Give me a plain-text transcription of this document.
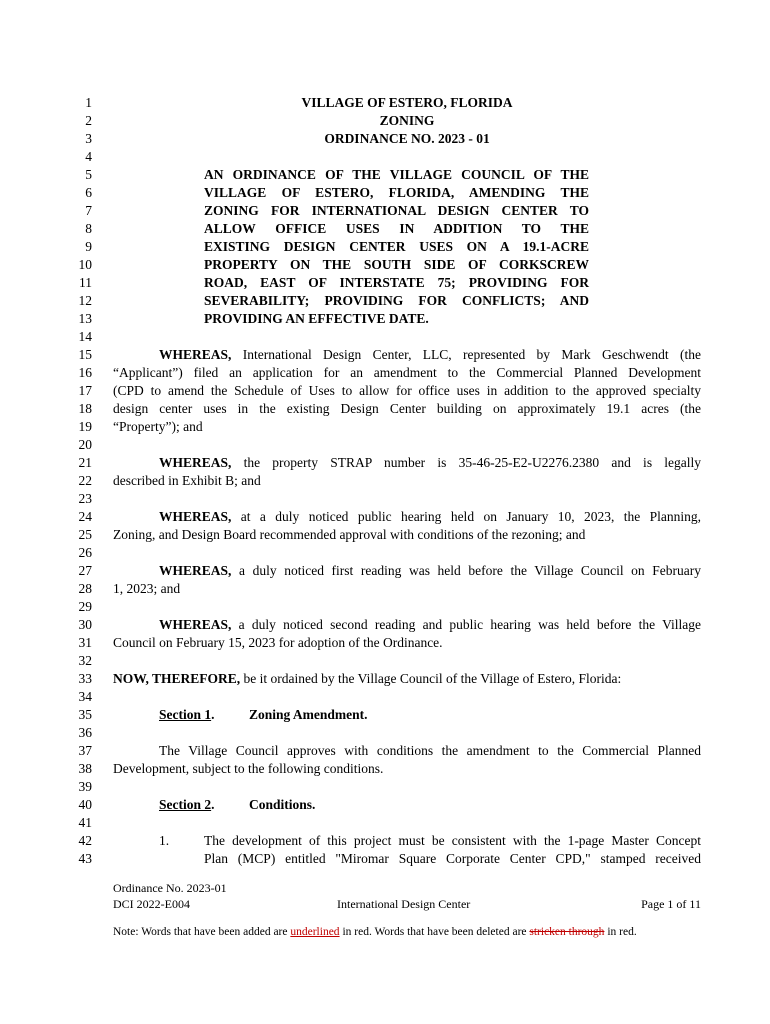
1
2
3
4
5
6
7
8
9
10
11
12
13
14
15
16
17
18
19
20
21
22
23
24
25
26
27
28
29
30
31
32
33
34
35
36
37
38
39
40
41
42
43
VILLAGE OF ESTERO, FLORIDA
ZONING
ORDINANCE NO. 2023 - 01
AN ORDINANCE OF THE VILLAGE COUNCIL OF THE
VILLAGE OF ESTERO, FLORIDA, AMENDING THE
ZONING FOR INTERNATIONAL DESIGN CENTER TO
ALLOW OFFICE USES IN ADDITION TO THE
EXISTING DESIGN CENTER USES ON A 19.1-ACRE
PROPERTY ON THE SOUTH SIDE OF CORKSCREW
ROAD, EAST OF INTERSTATE 75; PROVIDING FOR
SEVERABILITY; PROVIDING FOR CONFLICTS; AND
PROVIDING AN EFFECTIVE DATE.
WHEREAS, International Design Center, LLC, represented by Mark Geschwendt (the
“Applicant”) filed an application for an amendment to the Commercial Planned Development
(CPD to amend the Schedule of Uses to allow for office uses in addition to the approved specialty
design center uses in the existing Design Center building on approximately 19.1 acres (the
“Property”); and
WHEREAS, the property STRAP number is 35-46-25-E2-U2276.2380 and is legally
described in Exhibit B; and
WHEREAS, at a duly noticed public hearing held on January 10, 2023, the Planning,
Zoning, and Design Board recommended approval with conditions of the rezoning; and
WHEREAS, a duly noticed first reading was held before the Village Council on February
1, 2023; and
WHEREAS, a duly noticed second reading and public hearing was held before the Village
Council on February 15, 2023 for adoption of the Ordinance.
NOW, THEREFORE, be it ordained by the Village Council of the Village of Estero, Florida:
Section 1.	Zoning Amendment.
The Village Council approves with conditions the amendment to the Commercial Planned
Development, subject to the following conditions.
Section 2.	Conditions.
1.	The development of this project must be consistent with the 1-page Master Concept
Plan (MCP) entitled "Miromar Square Corporate Center CPD," stamped received
Ordinance No. 2023-01
DCI 2022-E004	International Design Center	Page 1 of 11
Note: Words that have been added are underlined in red. Words that have been deleted are stricken through in red.
